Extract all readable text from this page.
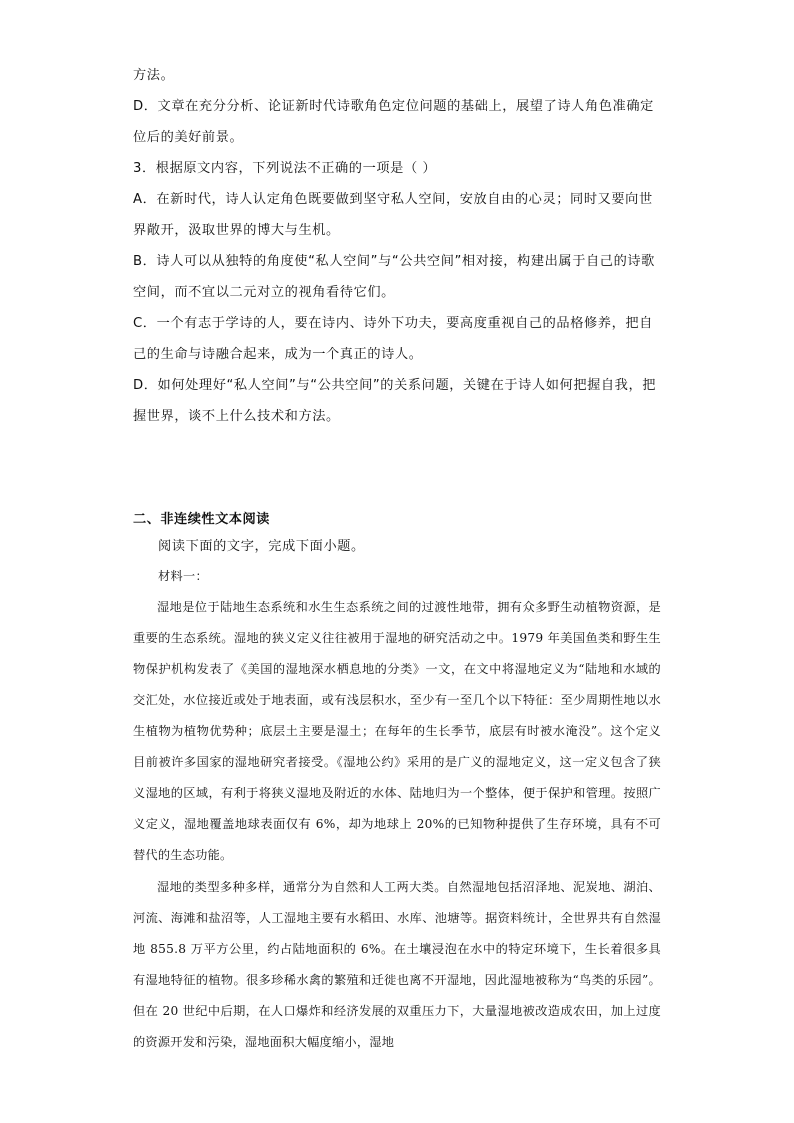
方法。

D．文章在充分分析、论证新时代诗歌角色定位问题的基础上，展望了诗人角色准确定位后的美好前景。

3．根据原文内容，下列说法不正确的一项是（ ）

A．在新时代，诗人认定角色既要做到坚守私人空间，安放自由的心灵；同时又要向世界敞开，汲取世界的博大与生机。

B．诗人可以从独特的角度使“私人空间”与“公共空间”相对接，构建出属于自己的诗歌空间，而不宜以二元对立的视角看待它们。

C．一个有志于学诗的人，要在诗内、诗外下功夫，要高度重视自己的品格修养，把自己的生命与诗融合起来，成为一个真正的诗人。

D．如何处理好“私人空间”与“公共空间”的关系问题，关键在于诗人如何把握自我，把握世界，谈不上什么技术和方法。

二、非连续性文本阅读
阅读下面的文字，完成下面小题。
材料一：

湿地是位于陆地生态系统和水生生态系统之间的过渡性地带，拥有众多野生动植物资源，是重要的生态系统。湿地的狭义定义往往被用于湿地的研究活动之中。1979 年美国鱼类和野生生物保护机构发表了《美国的湿地深水栖息地的分类》一文，在文中将湿地定义为“陆地和水域的交汇处，水位接近或处于地表面，或有浅层积水，至少有一至几个以下特征：至少周期性地以水生植物为植物优势种；底层土主要是湿土；在每年的生长季节，底层有时被水淹没”。这个定义目前被许多国家的湿地研究者接受。《湿地公约》采用的是广义的湿地定义，这一定义包含了狭义湿地的区域，有利于将狭义湿地及附近的水体、陆地归为一个整体，便于保护和管理。按照广义定义，湿地覆盖地球表面仅有 6%，却为地球上 20%的已知物种提供了生存环境，具有不可替代的生态功能。

湿地的类型多种多样，通常分为自然和人工两大类。自然湿地包括沼泽地、泥炭地、湖泊、河流、海滩和盐沼等，人工湿地主要有水稻田、水库、池塘等。据资料统计，全世界共有自然湿地 855.8 万平方公里，约占陆地面积的 6%。在土壤浸泡在水中的特定环境下，生长着很多具有湿地特征的植物。很多珍稀水禽的繁殖和迁徙也离不开湿地，因此湿地被称为“鸟类的乐园”。但在 20 世纪中后期，在人口爆炸和经济发展的双重压力下，大量湿地被改造成农田，加上过度的资源开发和污染，湿地面积大幅度缩小，湿地
